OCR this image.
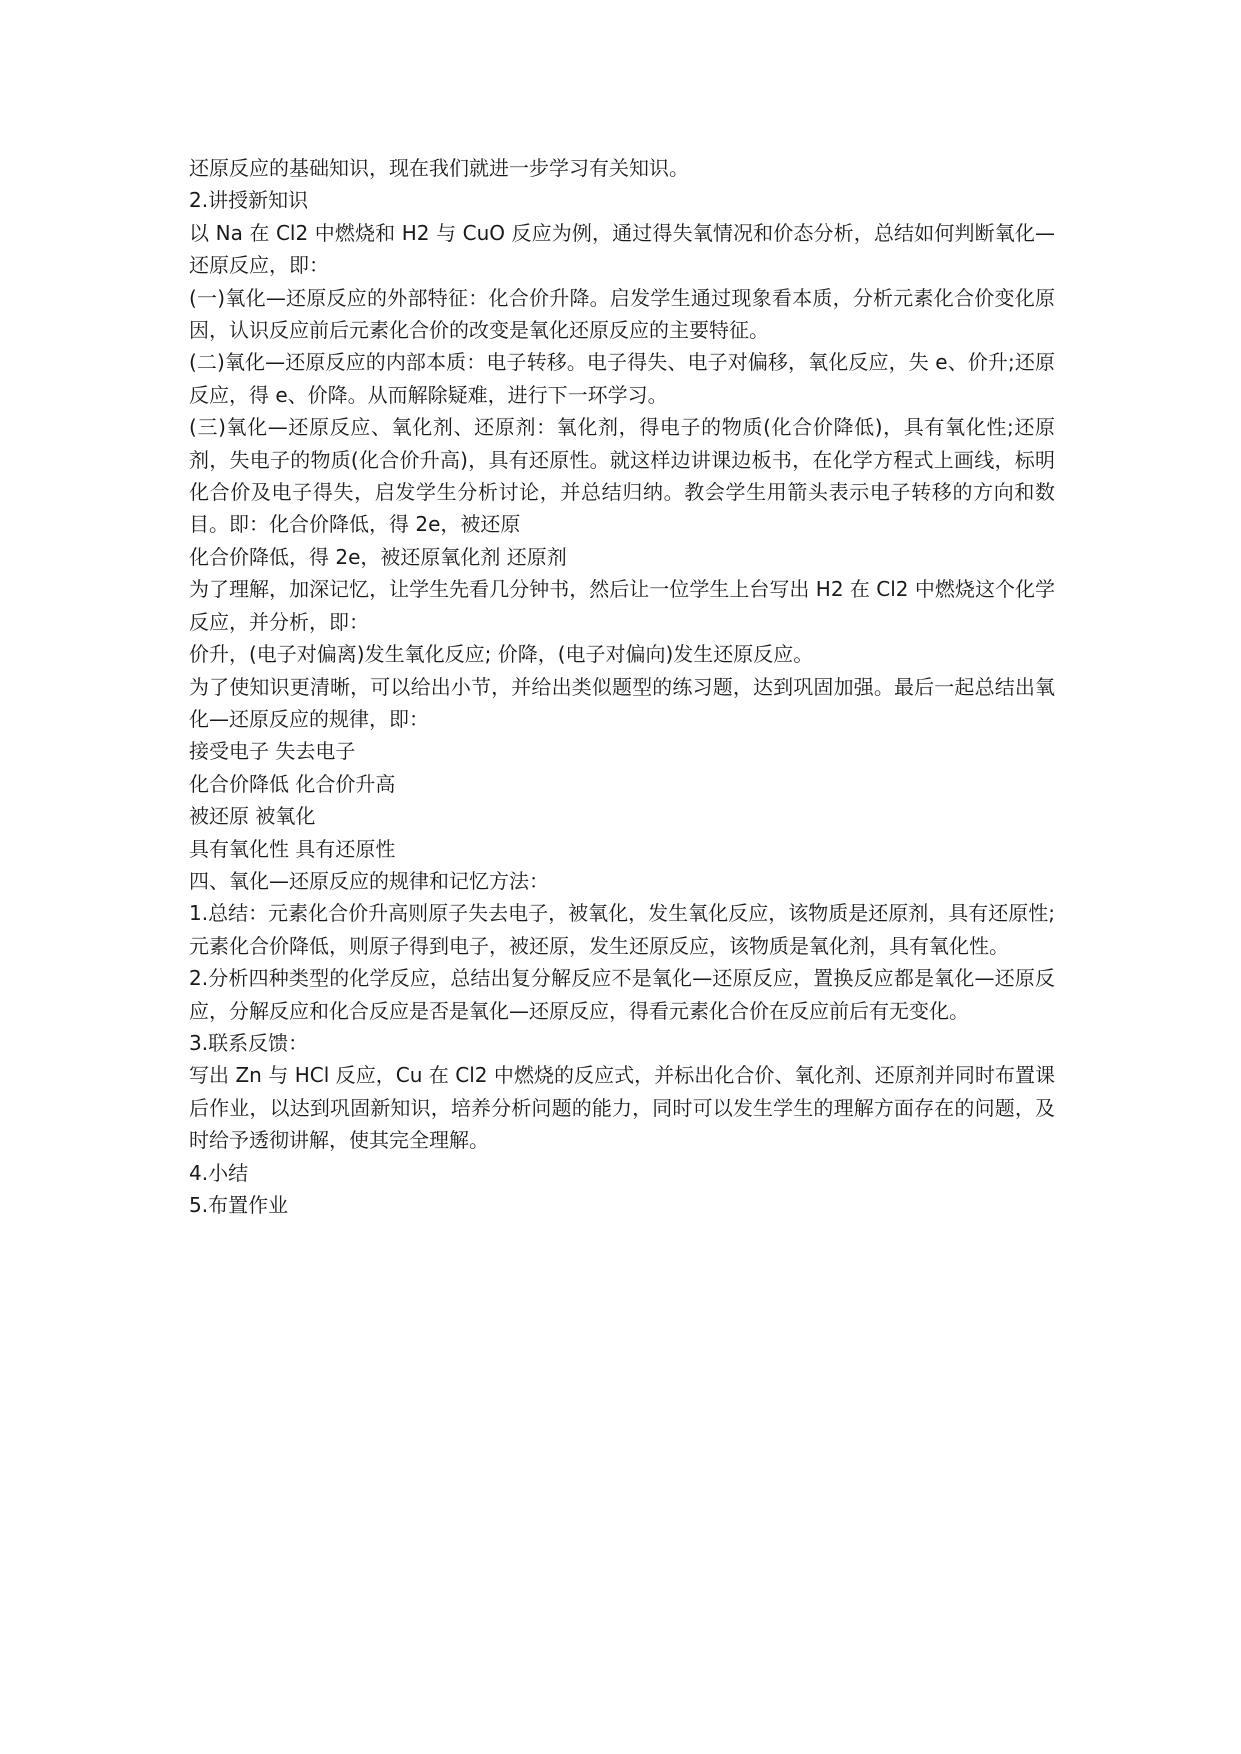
还原反应的基础知识，现在我们就进一步学习有关知识。

2.讲授新知识

以 Na 在 Cl2 中燃烧和 H2 与 CuO 反应为例，通过得失氧情况和价态分析，总结如何判断氧化—还原反应，即：

(一)氧化—还原反应的外部特征：化合价升降。启发学生通过现象看本质，分析元素化合价变化原因，认识反应前后元素化合价的改变是氧化还原反应的主要特征。

(二)氧化—还原反应的内部本质：电子转移。电子得失、电子对偏移，氧化反应，失 e、价升;还原反应，得 e、价降。从而解除疑难，进行下一环学习。

(三)氧化—还原反应、氧化剂、还原剂：氧化剂，得电子的物质(化合价降低)，具有氧化性;还原剂，失电子的物质(化合价升高)，具有还原性。就这样边讲课边板书，在化学方程式上画线，标明化合价及电子得失，启发学生分析讨论，并总结归纳。教会学生用箭头表示电子转移的方向和数目。即：化合价降低，得 2e，被还原

化合价降低，得 2e，被还原氧化剂 还原剂

为了理解，加深记忆，让学生先看几分钟书，然后让一位学生上台写出 H2 在 Cl2 中燃烧这个化学反应，并分析，即：

价升，(电子对偏离)发生氧化反应; 价降，(电子对偏向)发生还原反应。

为了使知识更清晰，可以给出小节，并给出类似题型的练习题，达到巩固加强。最后一起总结出氧化—还原反应的规律，即：

接受电子 失去电子

化合价降低 化合价升高

被还原 被氧化

具有氧化性 具有还原性

四、氧化—还原反应的规律和记忆方法：

1.总结：元素化合价升高则原子失去电子，被氧化，发生氧化反应，该物质是还原剂，具有还原性;元素化合价降低，则原子得到电子，被还原，发生还原反应，该物质是氧化剂，具有氧化性。

2.分析四种类型的化学反应，总结出复分解反应不是氧化—还原反应，置换反应都是氧化—还原反应，分解反应和化合反应是否是氧化—还原反应，得看元素化合价在反应前后有无变化。

3.联系反馈：

写出 Zn 与 HCl 反应，Cu 在 Cl2 中燃烧的反应式，并标出化合价、氧化剂、还原剂并同时布置课后作业，以达到巩固新知识，培养分析问题的能力，同时可以发生学生的理解方面存在的问题，及时给予透彻讲解，使其完全理解。

4.小结

5.布置作业
